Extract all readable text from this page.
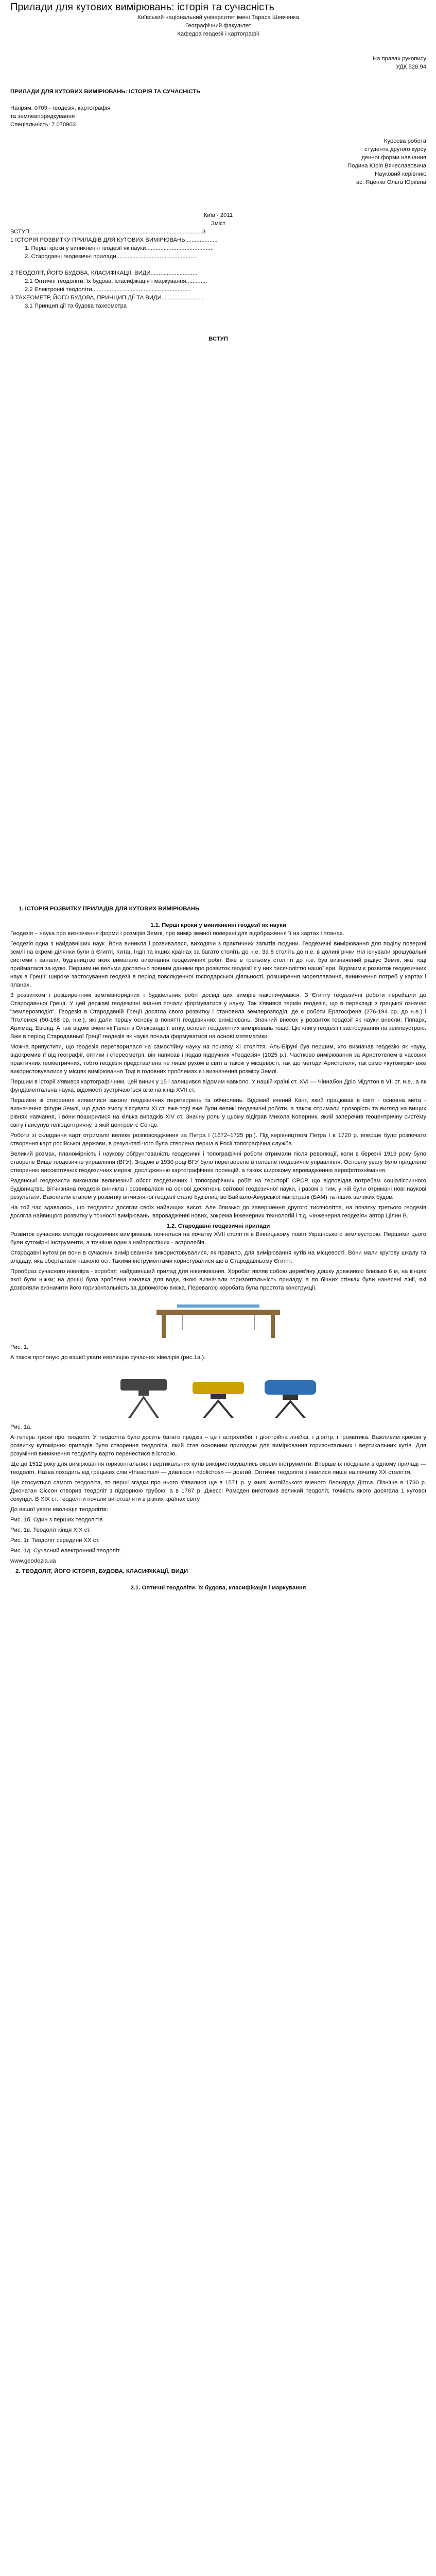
Прилади для кутових вимірювань: історія та сучасність

Київський національний університет імені Тараса Шевченка

Географічний факультет

Кафедра геодезії і картографії

На правах рукопису

УДК 528.94

ПРИЛАДИ ДЛЯ КУТОВИХ ВИМІРЮВАНЬ: ІСТОРІЯ ТА СУЧАСНІСТЬ

Напрям: 0709 - геодезія, картографія

та землевпорядкування

Спеціальність: 7.070903

Курсова робота

студента другого курсу

денної форми навчання

Подина Юрія Вячеславовича

Науковий керівник:

ас. Яценко Ольга Юріївна

Київ - 2011

Зміст

ВСТУП...........................................................................................................3

1 ІСТОРІЯ РОЗВИТКУ ПРИЛАДІВ ДЛЯ КУТОВИХ ВИМІРЮВАНЬ....................

1. Перші кроки у виникненні геодезії як науки..........................................

2. Стародавні геодезичні прилади..................................................

2 ТЕОДОЛІТ, ЙОГО БУДОВА, КЛАСИФІКАЦІЇ, ВИДИ.............................

2.1 Оптичні теодоліти: їх будова, класифікація і маркування.............

2.2 Електронні теодоліти.............................................................

3 ТАХЕОМЕТР, ЙОГО БУДОВА, ПРИНЦИП ДІЇ ТА ВИДИ..........................

3.1 Принцип дії та будова тахеометра

ВСТУП

1. ІСТОРІЯ РОЗВИТКУ ПРИЛАДІВ ДЛЯ КУТОВИХ ВИМІРЮВАНЬ

1.1. Перші кроки у виникненні геодезії як науки

Геодезія – наука про визначення форми і розмірів Землі, про вимір земної поверхні для відображення її на картах і планах.

Геодезія одна з найдавніших наук. Вона виникла і розвивалася, виходячи з практичних запитів людини. Геодезичні вимірювання для поділу поверхні землі на окремі ділянки були в Єгипті, Китаї, Індії та інших країнах за багато століть до н.е. За 8 століть до н.е. в долині річки Ніл існували зрошувальні системи і канали, будівництво яких вимагало виконання геодезичних робіт. Вже в третьому столітті до н.е. був визначений радіус Землі, яка тоді приймалася за кулю. Першим не вельми достатньо повним даними про розвиток геодезії є у них тисячоліттю нашої ери. Відомим є розвиток геодезичних наук в Греції: широке застосування геодезії в період повсякденної господарської діяльності, розширення мореплавання, виникнення потреб у картах і планах.

3 розвитком і розширенням землевпорядних і будівельних робіт досвід цих вимірів накопичувався. З Єгипту геодезичні роботи перейшли до Стародавньої Греції. У цей державі геодезичні знання почали формуватися у науку. Так з'явився термін геодезія, що в перекладі з грецької означає "землерозподіл". Геодезія в Стародавній Греції досягла свого розвитку і становила землерозподіл, де є роботи Ератосфена (276-194 рр. до н.е.) і Птолемея (90-168 рр. н.е.), які дали першу основу в понятті геодезичних вимірювань. Значний внесок у розвиток геодезії як науки внесли: Гіппарх, Архімед, Евклід. А такі відомі вчені як Гален з Олександрії: вітку, основи теодолітних вимірювань тощо. Цю книгу геодезії і застосування на землеустрою. Вже в період Стародавньої Греції геодезія як наука почала формуватися на основі математики.

Можна припустити, що геодезія перетворилася на самостійну науку на початку XI століття. Аль-Біруні був першим, хто визначав геодезію як науку, відокремив її від географії, оптики і стереометрії, він написав і подав підручник «Геодезія» (1025 р.). Частково вимірювання за Аристотелем в часових практичних геометричних, тобто геодезія представлена не лише рухом в світі а також у місцевості, так що методи Аристотеля, так само «кутомірів» вже використовувалися у місцях вимірювання Тоді в головних проблемах є і визначення розміру Землі.

Першим в історії з'явився картографічним, цей виник у 15 і залишився відомим навколо. У нашій країні ст. XVI — Чіннабон Дріо Мідлтон в VII ст. н.е., а як фундаментальна наука, відомості зустрічаються вже на кінці XVII ст.

Першими зі створених виявилися закони геодезичних перетворень та обчислень. Відомий вчений Кант, який працював в світі - основна мета - визначення фігури Землі, що дало змогу з'ясувати XI ст. вже тоді вже були великі геодезичні роботи, а також отримали прозорість та вигляд на вищих рівнях навчання, і вони поширилися на кілька випадків XIV ст. Значну роль у цьому відіграв Микола Коперник, який заперечив геоцентричну систему світу і висунув геліоцентричну, в якій центром є Сонце.

Роботи зі складання карт отримали велике розповсюдження за Петра I (1672–1725 рр.). Під керівництвом Петра I в 1720 р. вперше було розпочато створення карт російської держави, в результаті чого була створена перша в Росії топографічна служба.

Великий розмах, планомірність і наукову обґрунтованість геодезичні і топографічні роботи отримали після революції, коли в березні 1919 року було створене Вище геодезичне управління (ВГУ). Згодом в 1930 році ВГУ було перетворене в головне геодезичне управління. Основну увагу було приділено створенню високоточних геодезичних мереж, дослідженню картографічних проекцій, а також широкому впровадженню аерофотознімання.

Радянські геодезисти виконали величезний обсяг геодезичних і топографічних робіт на території СРСР, що відповідав потребам соціалістичного будівництва. Вітчизняна геодезія виникла і розвивалася на основі досягнень світової геодезичної науки, і разом з тим, у ній були отримані нові наукові результати. Важливим етапом у розвитку вітчизняної геодезії стало будівництво Байкало-Амурської магістралі (БАМ) та інших великих будов.

На той час здавалось, що теодоліти досягли своїх найвищих висот. Але близько до завершення другого тисячоліття, на початку третього геодезія досягла найвищого розвитку у точності вимірювань, впровадженні нових, зокрема інженерних технологій і т.д. «Інженерна геодезія» автор Цілин В.

1.2. Стародавні геодезичні прилади

Розвиток сучасних методів геодезичних вимірювань почнеться на початку XVII століття в Вінницькому повіті Українського землеустрою. Першими цього були кутомірні інструменти, а точніше один з найпростіших - астролябія.

Стародавні кутоміри вони в сучасних вимірюваннях використовувалися, як правило, для вимірювання кутів на місцевості. Вони мали кругову шкалу та алідаду, яка оберталася навколо осі. Такими інструментами користувалися ще в Стародавньому Єгипті.

Прообраз сучасного нівеліра - хоробат; найдавніший прилад для нівелювання. Хоробат являв собою дерев'яну дошку довжиною близько 6 м, на кінцях якої були ніжки; на дошці була зроблена канавка для води, якою визначали горизонтальність приладу, а по бічних стінках були нанесені лінії, які дозволяли визначити його горизонтальність за допомогою виска. Перевагою хоробата була простота конструкції.

Рис. 1.

А також пропоную до вашої уваги еволюцію сучасних нівелірів (рис.1а.).

Рис. 1а.

А теперь трохи про теодоліт. У теодоліта було досить багато предків – це і астролябія, і діоптрійна лінійка, і діоптр, і громатика. Важливим кроком у розвитку кутомірних приладів було створення теодоліта, який став основним приладом для вимірювання горизонтальних і вертикальних кутів. Для розуміння виникнення теодоліту варто перенестися в історію.

Ще до 1512 року для вимірювання горизонтальних і вертикальних кутів використовувались окремі інструменти. Вперше їх поєднали в одному приладі — теодоліті. Назва походить від грецьких слів «theaomai» — дивлюся і «dolichos» — довгий. Оптичні теодоліти з'явилися лише на початку XX століття.

Ще стосується самого теодоліта, то перші згадки про нього з'явилися ще в 1571 р. у книзі англійського вченого Леонарда Діггса. Пізніше в 1730 р. Джонатан Сіссон створив теодоліт з підзорною трубою, а в 1787 р. Джессі Рамсден виготовив великий теодоліт, точність якого досягала 1 кутової секунди. В XIX ст. теодоліти почали виготовляти в різних країнах світу.

До вашої уваги еволюція теодолітів:

Рис. 1б. Один з перших теодолітів

Рис. 1в. Теодоліт кінця XIX ст.

Рис. 1г. Теодоліт середини XX ст.

Рис. 1д. Сучасний електронний теодоліт.

www.geodezia.ua

2. ТЕОДОЛІТ, ЙОГО ІСТОРІЯ, БУДОВА, КЛАСИФІКАЦІЇ, ВИДИ

2.1. Оптичні теодоліти: їх будова, класифікація і маркування
